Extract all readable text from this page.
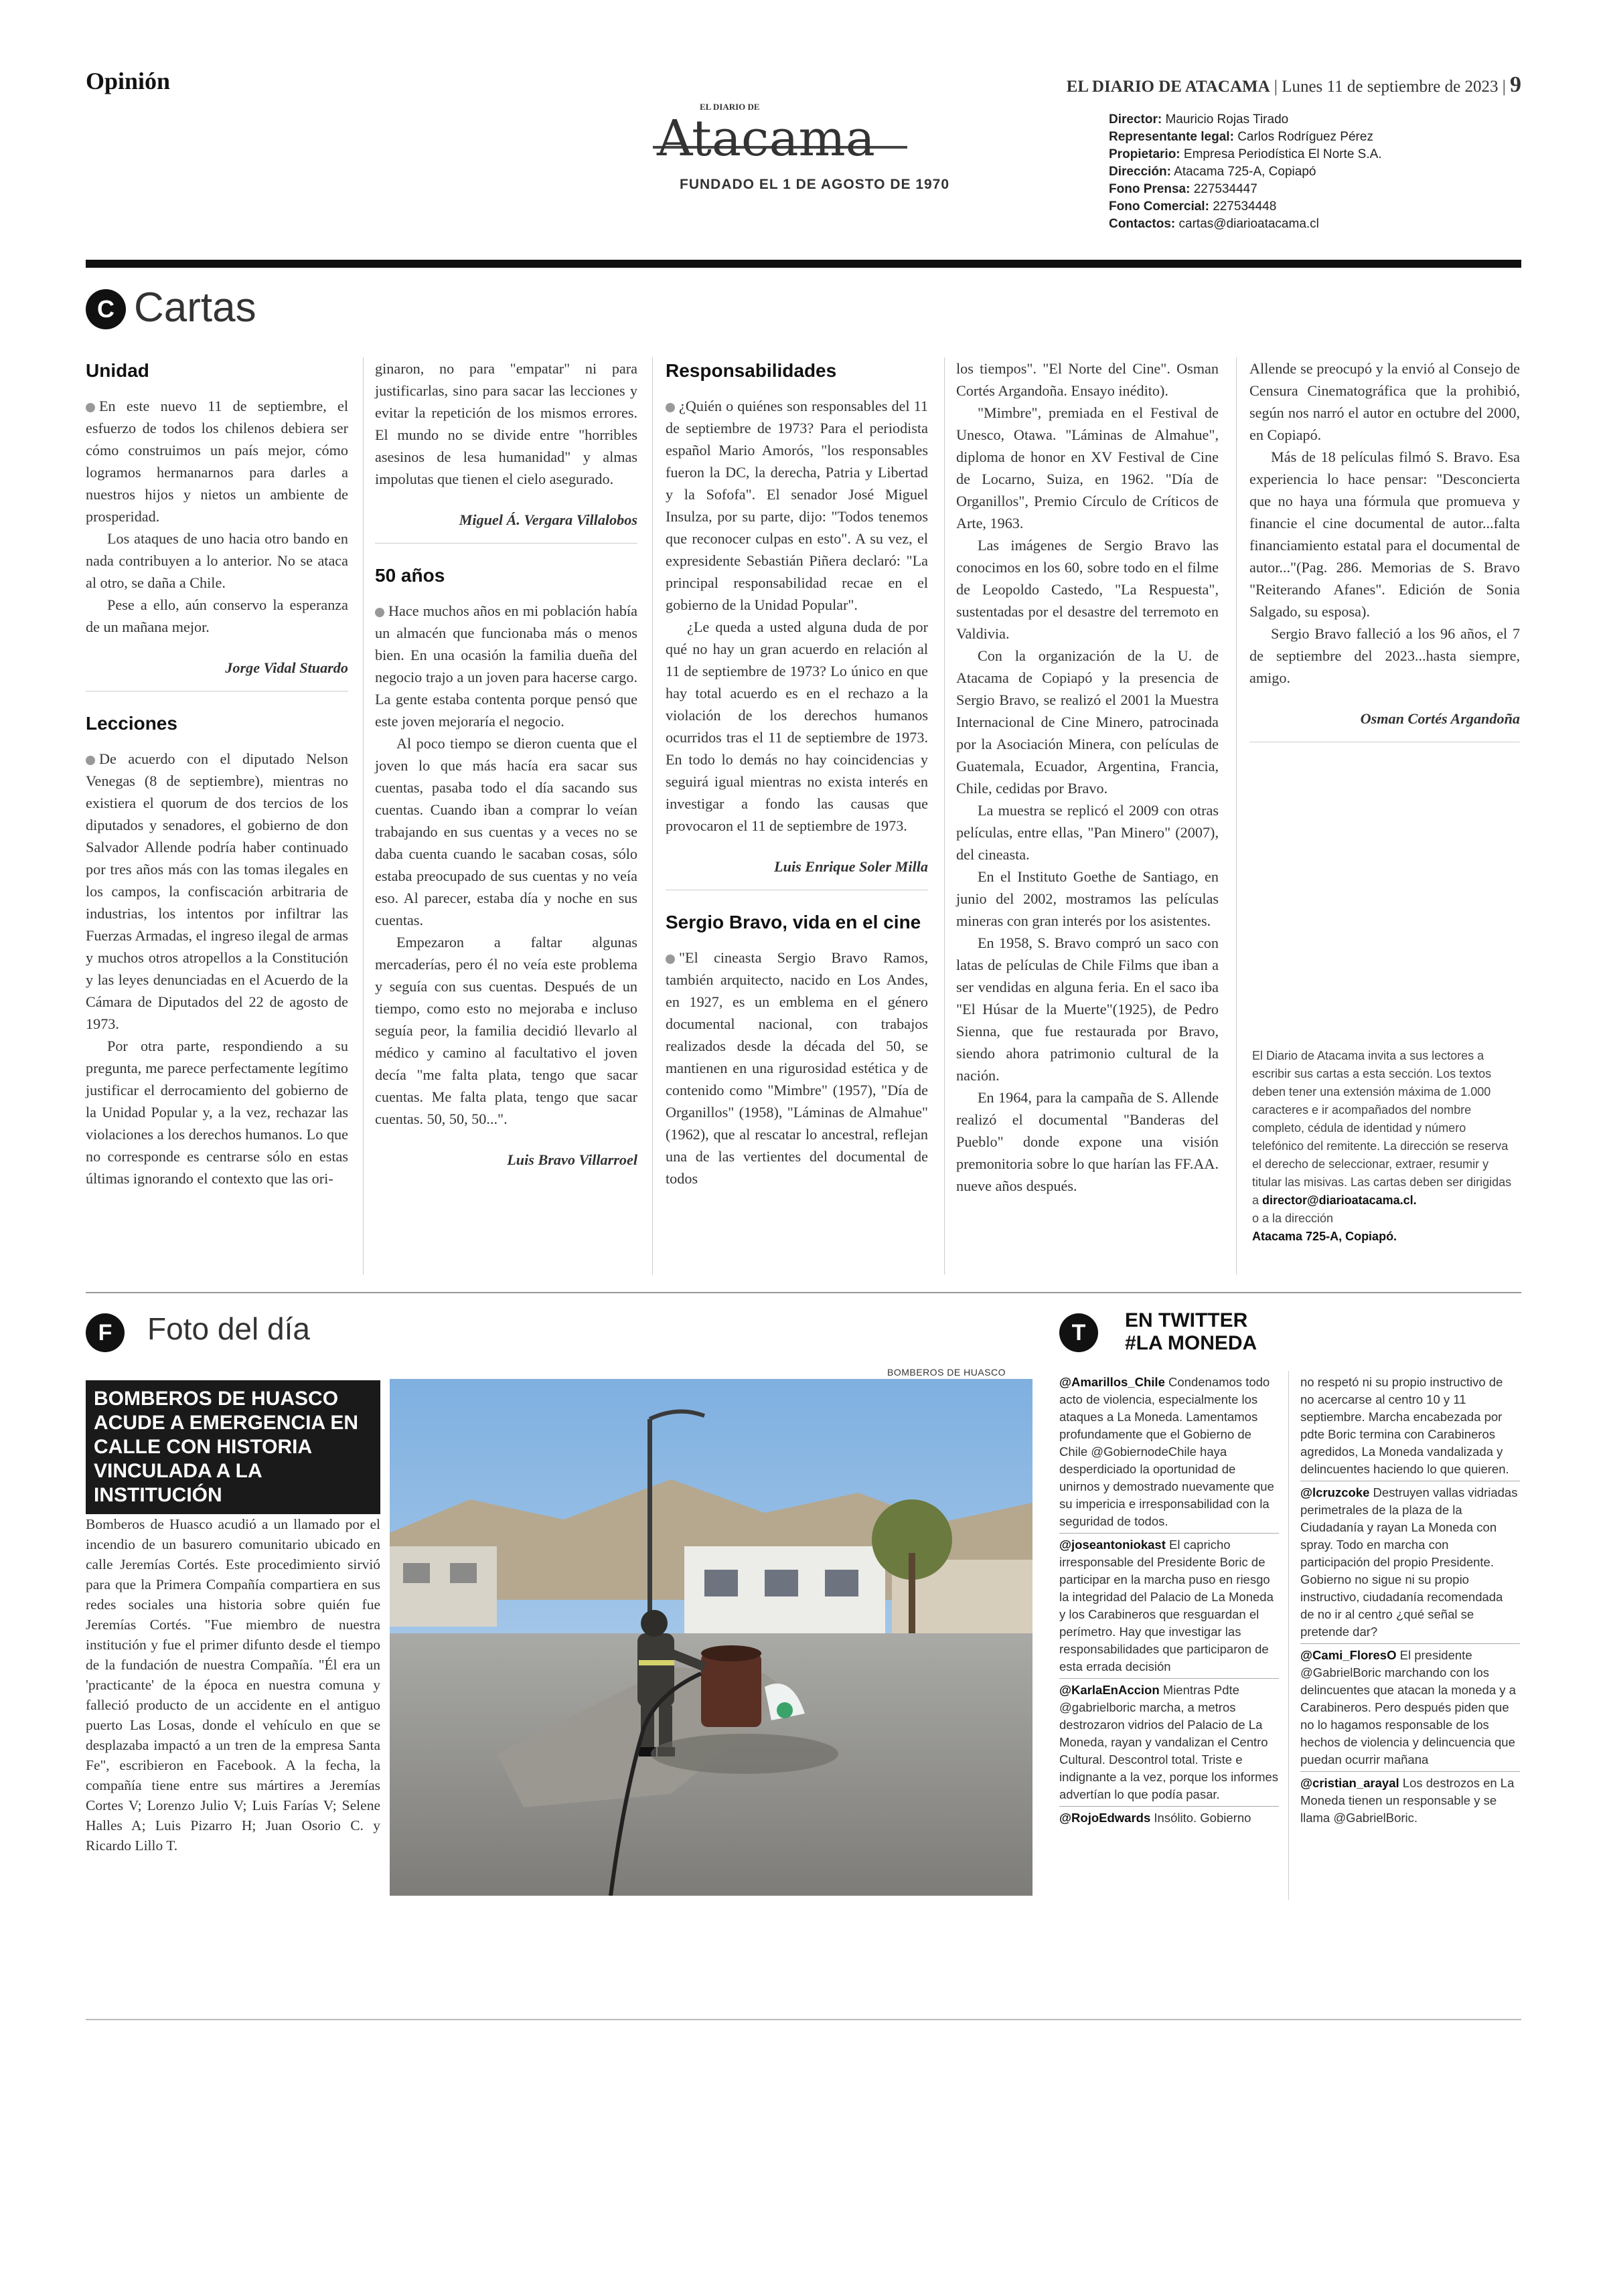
Opinión
EL DIARIO DE
Atacama
FUNDADO EL 1 DE AGOSTO DE 1970
EL DIARIO DE ATACAMA | Lunes 11 de septiembre de 2023 | 9
Director: Mauricio Rojas Tirado
Representante legal: Carlos Rodríguez Pérez
Propietario: Empresa Periodística El Norte S.A.
Dirección: Atacama 725-A, Copiapó
Fono Prensa: 227534447
Fono Comercial: 227534448
Contactos: cartas@diarioatacama.cl
C Cartas
Unidad

En este nuevo 11 de septiembre, el esfuerzo de todos los chilenos debiera ser cómo construimos un país mejor, cómo logramos hermanarnos para darles a nuestros hijos y nietos un ambiente de prosperidad.

Los ataques de uno hacia otro bando en nada contribuyen a lo anterior. No se ataca al otro, se daña a Chile.

Pese a ello, aún conservo la esperanza de un mañana mejor.

Jorge Vidal Stuardo

Lecciones

De acuerdo con el diputado Nelson Venegas (8 de septiembre), mientras no existiera el quorum de dos tercios de los diputados y senadores, el gobierno de don Salvador Allende podría haber continuado por tres años más con las tomas ilegales en los campos, la confiscación arbitraria de industrias, los intentos por infiltrar las Fuerzas Armadas, el ingreso ilegal de armas y muchos otros atropellos a la Constitución y las leyes denunciadas en el Acuerdo de la Cámara de Diputados del 22 de agosto de 1973.

Por otra parte, respondiendo a su pregunta, me parece perfectamente legítimo justificar el derrocamiento del gobierno de la Unidad Popular y, a la vez, rechazar las violaciones a los derechos humanos. Lo que no corresponde es centrarse sólo en estas últimas ignorando el contexto que las ori-

ginaron, no para "empatar" ni para justificarlas, sino para sacar las lecciones y evitar la repetición de los mismos errores. El mundo no se divide entre "horribles asesinos de lesa humanidad" y almas impolutas que tienen el cielo asegurado.

Miguel Á. Vergara Villalobos

50 años

Hace muchos años en mi población había un almacén que funcionaba más o menos bien. En una ocasión la familia dueña del negocio trajo a un joven para hacerse cargo. La gente estaba contenta porque pensó que este joven mejoraría el negocio.

Al poco tiempo se dieron cuenta que el joven lo que más hacía era sacar sus cuentas, pasaba todo el día sacando sus cuentas. Cuando iban a comprar lo veían trabajando en sus cuentas y a veces no se daba cuenta cuando le sacaban cosas, sólo estaba preocupado de sus cuentas y no veía eso. Al parecer, estaba día y noche en sus cuentas.

Empezaron a faltar algunas mercaderías, pero él no veía este problema y seguía con sus cuentas. Después de un tiempo, como esto no mejoraba e incluso seguía peor, la familia decidió llevarlo al médico y camino al facultativo el joven decía "me falta plata, tengo que sacar cuentas. Me falta plata, tengo que sacar cuentas. 50, 50, 50...".

Luis Bravo Villarroel

Responsabilidades

¿Quién o quiénes son responsables del 11 de septiembre de 1973? Para el periodista español Mario Amorós, "los responsables fueron la DC, la derecha, Patria y Libertad y la Sofofa". El senador José Miguel Insulza, por su parte, dijo: "Todos tenemos que reconocer culpas en esto". A su vez, el expresidente Sebastián Piñera declaró: "La principal responsabilidad recae en el gobierno de la Unidad Popular".

¿Le queda a usted alguna duda de por qué no hay un gran acuerdo en relación al 11 de septiembre de 1973? Lo único en que hay total acuerdo es en el rechazo a la violación de los derechos humanos ocurridos tras el 11 de septiembre de 1973. En todo lo demás no hay coincidencias y seguirá igual mientras no exista interés en investigar a fondo las causas que provocaron el 11 de septiembre de 1973.

Luis Enrique Soler Milla

Sergio Bravo, vida en el cine

"El cineasta Sergio Bravo Ramos, también arquitecto, nacido en Los Andes, en 1927, es un emblema en el género documental nacional, con trabajos realizados desde la década del 50, se mantienen en una rigurosidad estética y de contenido como "Mimbre" (1957), "Día de Organillos" (1958), "Láminas de Almahue" (1962), que al rescatar lo ancestral, reflejan una de las vertientes del documental de todos

los tiempos". "El Norte del Cine". Osman Cortés Argandoña. Ensayo inédito).

"Mimbre", premiada en el Festival de Unesco, Otawa. "Láminas de Almahue", diploma de honor en XV Festival de Cine de Locarno, Suiza, en 1962. "Día de Organillos", Premio Círculo de Críticos de Arte, 1963.

Las imágenes de Sergio Bravo las conocimos en los 60, sobre todo en el filme de Leopoldo Castedo, "La Respuesta", sustentadas por el desastre del terremoto en Valdivia.

Con la organización de la U. de Atacama de Copiapó y la presencia de Sergio Bravo, se realizó el 2001 la Muestra Internacional de Cine Minero, patrocinada por la Asociación Minera, con películas de Guatemala, Ecuador, Argentina, Francia, Chile, cedidas por Bravo.

La muestra se replicó el 2009 con otras películas, entre ellas, "Pan Minero" (2007), del cineasta.

En el Instituto Goethe de Santiago, en junio del 2002, mostramos las películas mineras con gran interés por los asistentes.

En 1958, S. Bravo compró un saco con latas de películas de Chile Films que iban a ser vendidas en alguna feria. En el saco iba "El Húsar de la Muerte"(1925), de Pedro Sienna, que fue restaurada por Bravo, siendo ahora patrimonio cultural de la nación.

En 1964, para la campaña de S. Allende realizó el documental "Banderas del Pueblo" donde expone una visión premonitoria sobre lo que harían las FF.AA. nueve años después.

Allende se preocupó y la envió al Consejo de Censura Cinematográfica que la prohibió, según nos narró el autor en octubre del 2000, en Copiapó.

Más de 18 películas filmó S. Bravo. Esa experiencia lo hace pensar: "Desconcierta que no haya una fórmula que promueva y financie el cine documental de autor...falta financiamiento estatal para el documental de autor..."(Pag. 286. Memorias de S. Bravo "Reiterando Afanes". Edición de Sonia Salgado, su esposa).

Sergio Bravo falleció a los 96 años, el 7 de septiembre del 2023...hasta siempre, amigo.

Osman Cortés Argandoña

El Diario de Atacama invita a sus lectores a escribir sus cartas a esta sección. Los textos deben tener una extensión máxima de 1.000 caracteres e ir acompañados del nombre completo, cédula de identidad y número telefónico del remitente. La dirección se reserva el derecho de seleccionar, extraer, resumir y titular las misivas. Las cartas deben ser dirigidas a director@diarioatacama.cl.
o a la dirección
Atacama 725-A, Copiapó.
F	Foto del día
BOMBEROS DE HUASCO ACUDE A EMERGENCIA EN CALLE CON HISTORIA VINCULADA A LA INSTITUCIÓN
Bomberos de Huasco acudió a un llamado por el incendio de un basurero comunitario ubicado en calle Jeremías Cortés. Este procedimiento sirvió para que la Primera Compañía compartiera en sus redes sociales una historia sobre quién fue Jeremías Cortés. "Fue miembro de nuestra institución y fue el primer difunto desde el tiempo de la fundación de nuestra Compañía. "Él era un 'practicante' de la época en nuestra comuna y falleció producto de un accidente en el antiguo puerto Las Losas, donde el vehículo en que se desplazaba impactó a un tren de la empresa Santa Fe", escribieron en Facebook. A la fecha, la compañía tiene entre sus mártires a Jeremías Cortes V; Lorenzo Julio V; Luis Farías V; Selene Halles A; Luis Pizarro H; Juan Osorio C. y Ricardo Lillo T.
BOMBEROS DE HUASCO
T	EN TWITTER
#LA MONEDA
@Amarillos_Chile Condenamos todo acto de violencia, especialmente los ataques a La Moneda. Lamentamos profundamente que el Gobierno de Chile @GobiernodeChile haya desperdiciado la oportunidad de unirnos y demostrado nuevamente que su impericia e irresponsabilidad con la seguridad de todos.
@joseantoniokast El capricho irresponsable del Presidente Boric de participar en la marcha puso en riesgo la integridad del Palacio de La Moneda y los Carabineros que resguardan el perímetro. Hay que investigar las responsabilidades que participaron de esta errada decisión
@KarlaEnAccion Mientras Pdte @gabrielboric marcha, a metros destrozaron vidrios del Palacio de La Moneda, rayan y vandalizan el Centro Cultural. Descontrol total. Triste e indignante a la vez, porque los informes advertían lo que podía pasar.
@RojoEdwards Insólito. Gobierno
no respetó ni su propio instructivo de no acercarse al centro 10 y 11 septiembre. Marcha encabezada por pdte Boric termina con Carabineros agredidos, La Moneda vandalizada y delincuentes haciendo lo que quieren.
@lcruzcoke Destruyen vallas vidriadas perimetrales de la plaza de la Ciudadanía y rayan La Moneda con spray. Todo en marcha con participación del propio Presidente. Gobierno no sigue ni su propio instructivo, ciudadanía recomendada de no ir al centro ¿qué señal se pretende dar?
@Cami_FloresO El presidente @GabrielBoric marchando con los delincuentes que atacan la moneda y a Carabineros. Pero después piden que no lo hagamos responsable de los hechos de violencia y delincuencia que puedan ocurrir mañana
@cristian_arayal Los destrozos en La Moneda tienen un responsable y se llama @GabrielBoric.
